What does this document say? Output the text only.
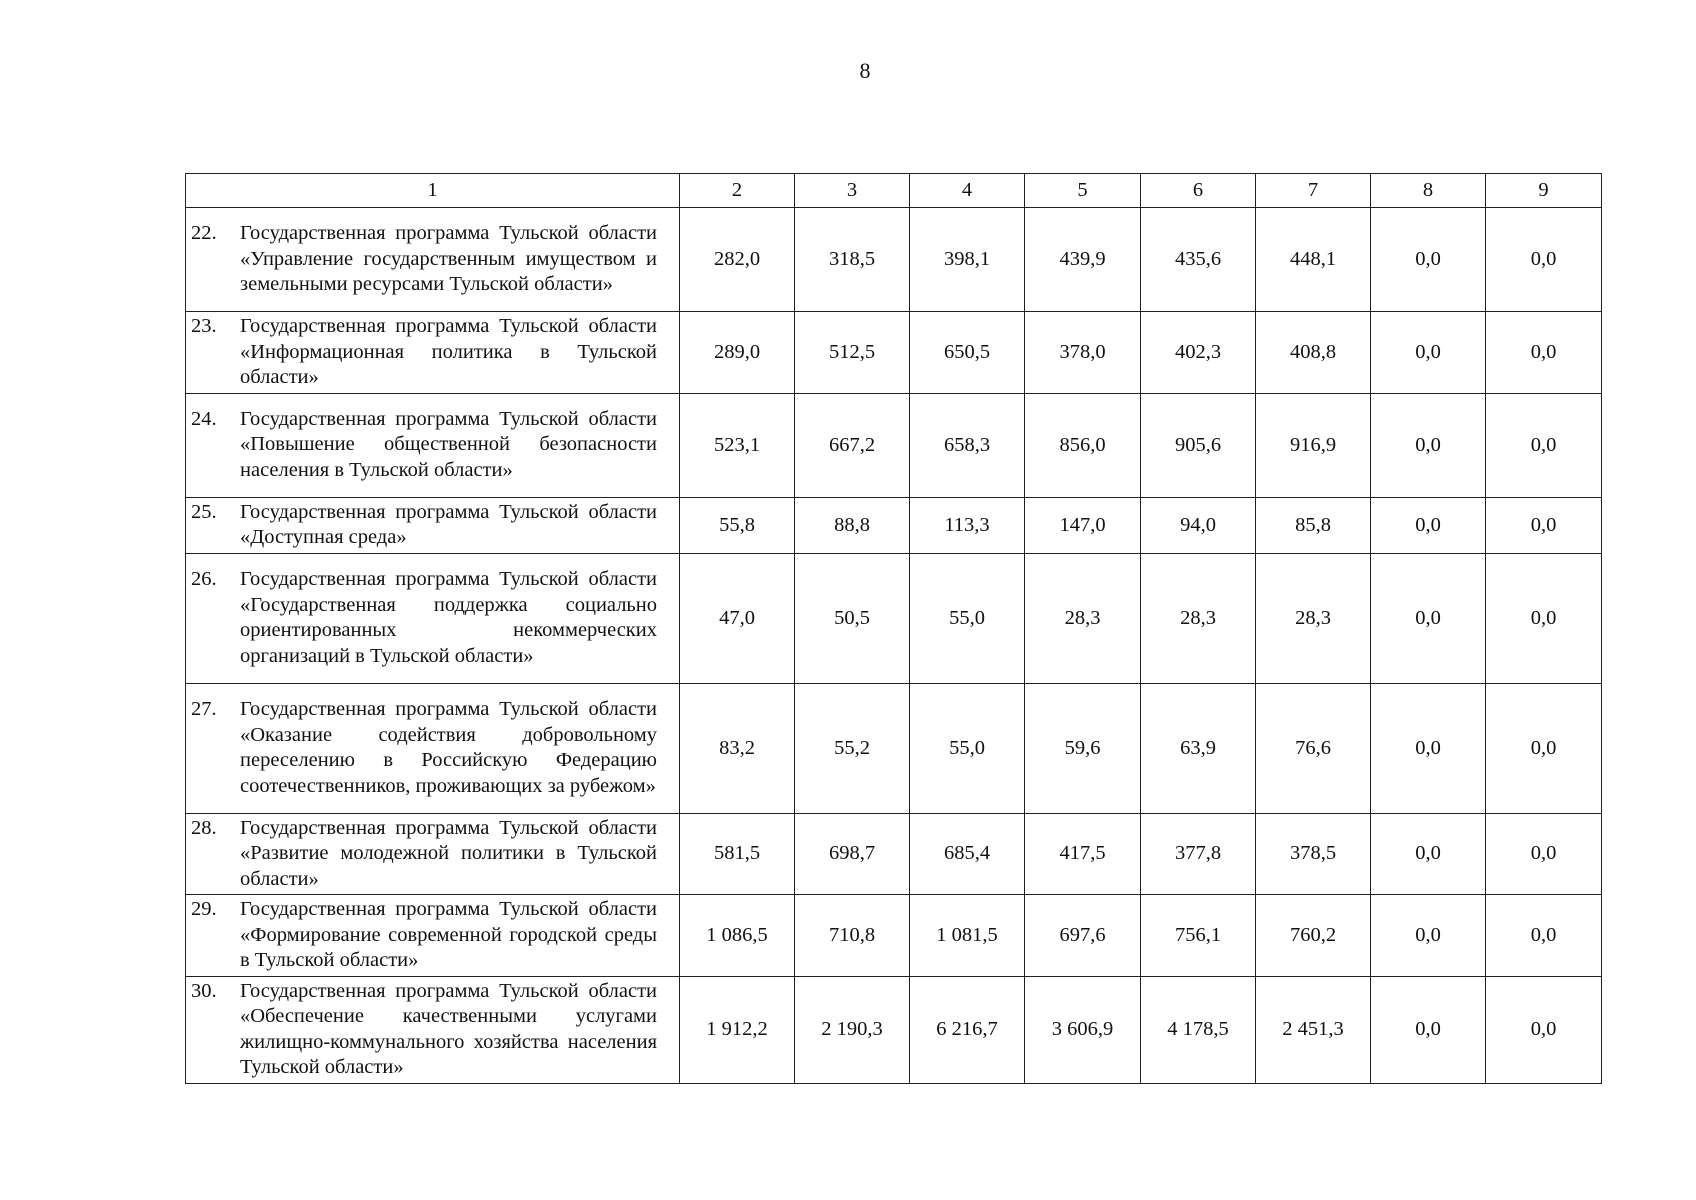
8
1	2	3	4	5	6	7	8	9

22. Государственная программа Тульской области «Управление государственным имуществом и земельными ресурсами Тульской области»	282,0	318,5	398,1	439,9	435,6	448,1	0,0	0,0

23. Государственная программа Тульской области «Информационная политика в Тульской области»	289,0	512,5	650,5	378,0	402,3	408,8	0,0	0,0

24. Государственная программа Тульской области «Повышение общественной безопасности населения в Тульской области»	523,1	667,2	658,3	856,0	905,6	916,9	0,0	0,0

25. Государственная программа Тульской области «Доступная среда»	55,8	88,8	113,3	147,0	94,0	85,8	0,0	0,0

26. Государственная программа Тульской области «Государственная поддержка социально ориентированных некоммерческих организаций в Тульской области»	47,0	50,5	55,0	28,3	28,3	28,3	0,0	0,0

27. Государственная программа Тульской области «Оказание содействия добровольному переселению в Российскую Федерацию соотечественников, проживающих за рубежом»	83,2	55,2	55,0	59,6	63,9	76,6	0,0	0,0

28. Государственная программа Тульской области «Развитие молодежной политики в Тульской области»	581,5	698,7	685,4	417,5	377,8	378,5	0,0	0,0

29. Государственная программа Тульской области «Формирование современной городской среды в Тульской области»	1 086,5	710,8	1 081,5	697,6	756,1	760,2	0,0	0,0

30. Государственная программа Тульской области «Обеспечение качественными услугами жилищно-коммунального хозяйства населения Тульской области»	1 912,2	2 190,3	6 216,7	3 606,9	4 178,5	2 451,3	0,0	0,0
